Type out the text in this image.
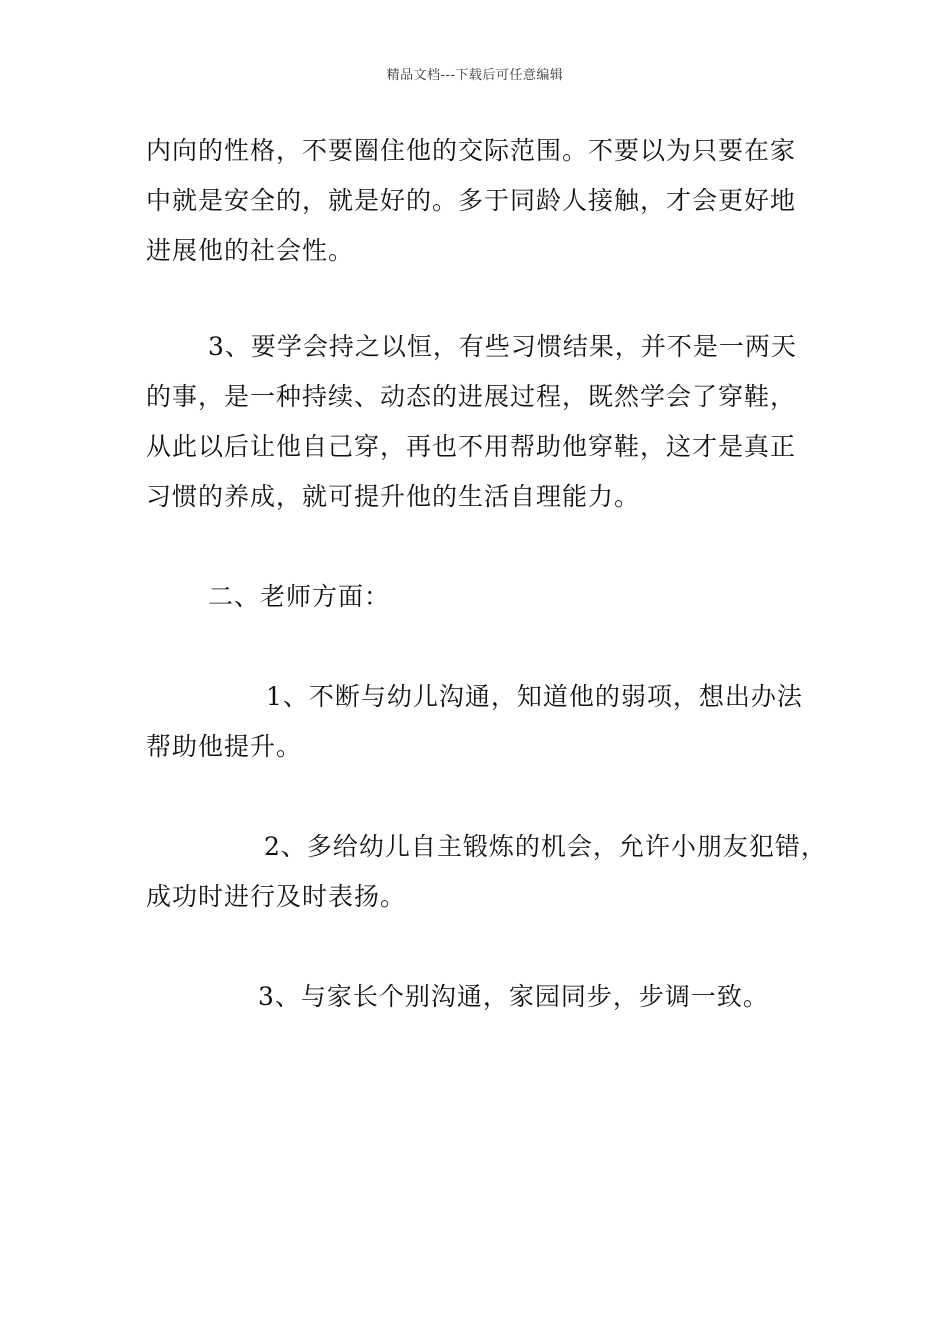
精品文档---下载后可任意编辑

内向的性格，不要圈住他的交际范围。不要以为只要在家
中就是安全的，就是好的。多于同龄人接触，才会更好地
进展他的社会性。

3、要学会持之以恒，有些习惯结果，并不是一两天
的事，是一种持续、动态的进展过程，既然学会了穿鞋，
从此以后让他自己穿，再也不用帮助他穿鞋，这才是真正
习惯的养成，就可提升他的生活自理能力。

二、老师方面：

1、不断与幼儿沟通，知道他的弱项，想出办法
帮助他提升。

2、多给幼儿自主锻炼的机会，允许小朋友犯错，
成功时进行及时表扬。

3、与家长个别沟通，家园同步，步调一致。
